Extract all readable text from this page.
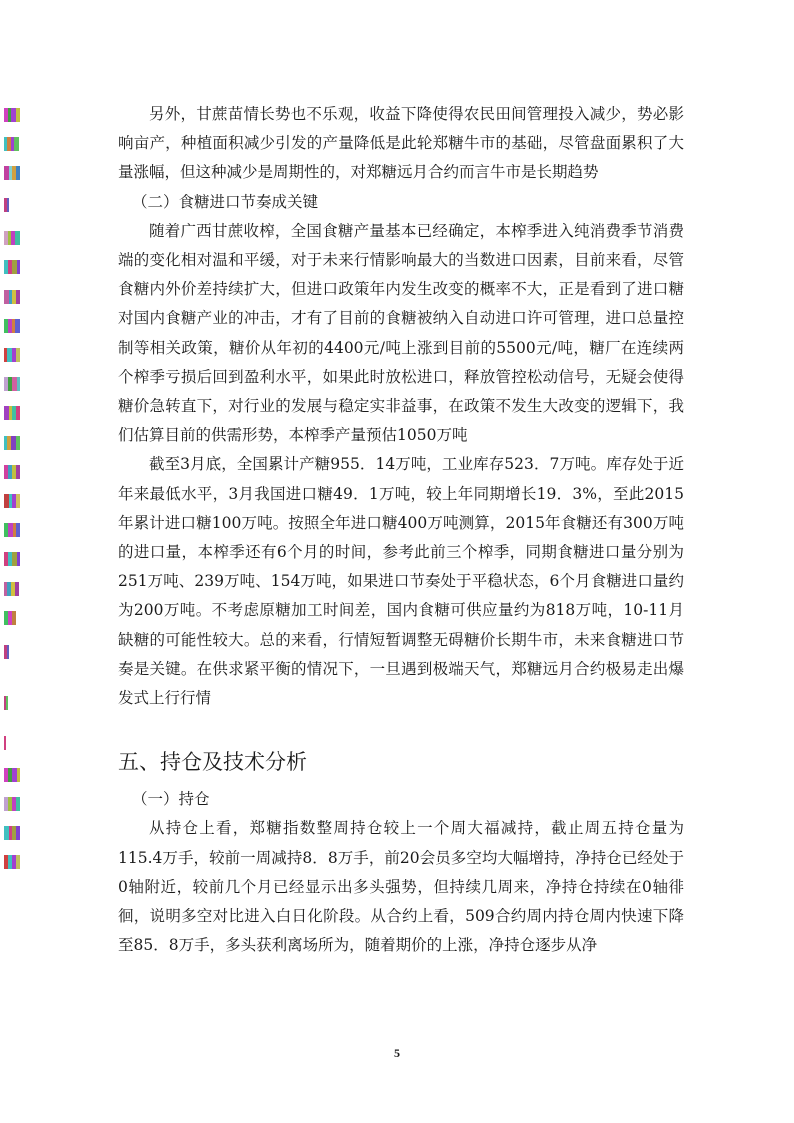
另外，甘蔗苗情长势也不乐观，收益下降使得农民田间管理投入减少，势必影响亩产，种植面积减少引发的产量降低是此轮郑糖牛市的基础，尽管盘面累积了大量涨幅，但这种减少是周期性的，对郑糖远月合约而言牛市是长期趋势

（二）食糖进口节奏成关键

随着广西甘蔗收榨，全国食糖产量基本已经确定，本榨季进入纯消费季节消费端的变化相对温和平缓，对于未来行情影响最大的当数进口因素，目前来看，尽管食糖内外价差持续扩大，但进口政策年内发生改变的概率不大，正是看到了进口糖对国内食糖产业的冲击，才有了目前的食糖被纳入自动进口许可管理，进口总量控制等相关政策，糖价从年初的4400元/吨上涨到目前的5500元/吨，糖厂在连续两个榨季亏损后回到盈利水平，如果此时放松进口，释放管控松动信号，无疑会使得糖价急转直下，对行业的发展与稳定实非益事，在政策不发生大改变的逻辑下，我们估算目前的供需形势，本榨季产量预估1050万吨

截至3月底，全国累计产糖955．14万吨，工业库存523．7万吨。库存处于近年来最低水平，3月我国进口糖49．1万吨，较上年同期增长19．3%，至此2015年累计进口糖100万吨。按照全年进口糖400万吨测算，2015年食糖还有300万吨的进口量，本榨季还有6个月的时间，参考此前三个榨季，同期食糖进口量分别为251万吨、239万吨、154万吨，如果进口节奏处于平稳状态，6个月食糖进口量约为200万吨。不考虑原糖加工时间差，国内食糖可供应量约为818万吨，10-11月缺糖的可能性较大。总的来看，行情短暂调整无碍糖价长期牛市，未来食糖进口节奏是关键。在供求紧平衡的情况下，一旦遇到极端天气，郑糖远月合约极易走出爆发式上行行情

五、持仓及技术分析

（一）持仓

从持仓上看，郑糖指数整周持仓较上一个周大福减持，截止周五持仓量为115.4万手，较前一周减持8．8万手，前20会员多空均大幅增持，净持仓已经处于0轴附近，较前几个月已经显示出多头强势，但持续几周来，净持仓持续在0轴徘徊，说明多空对比进入白日化阶段。从合约上看，509合约周内持仓周内快速下降至85．8万手，多头获利离场所为，随着期价的上涨，净持仓逐步从净

5
